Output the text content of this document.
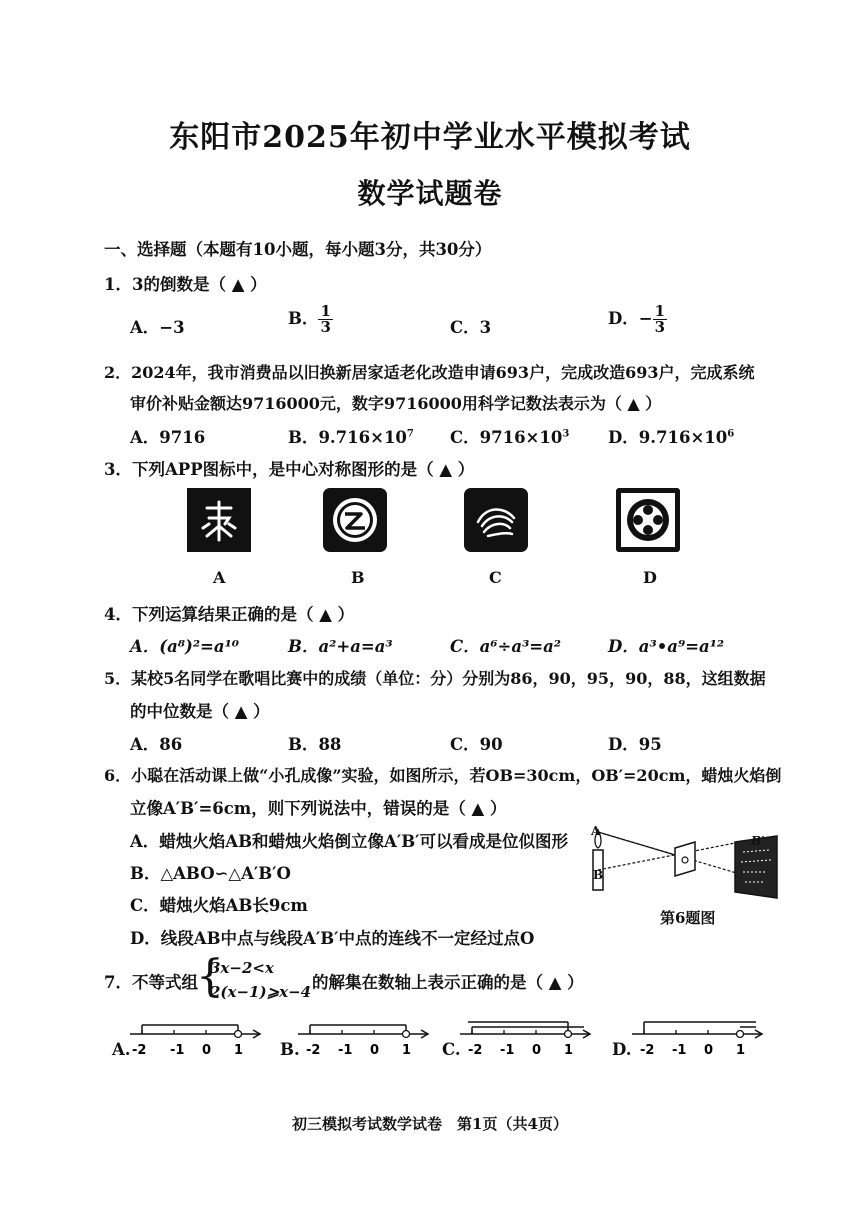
东阳市2025年初中学业水平模拟考试
数学试题卷
一、选择题（本题有10小题，每小题3分，共30分）
1．3的倒数是（ ▲ ）
A．−3	B． $\frac{1}{3}$	C．3	D．− $\frac{1}{3}$
2．2024年，我市消费品以旧换新居家适老化改造申请693户，完成改造693户，完成系统
审价补贴金额达9716000元，数字9716000用科学记数法表示为（ ▲ ）
A．9716	B．$9.716\times 10^7$ C．$9716\times 10^3$ D．$9.716\times 10^6$
3．下列APP图标中，是中心对称图形的是（ ▲ ）
A	B	C	D
4．下列运算结果正确的是（ ▲ ）
A．(a⁸)²=a¹⁰	B．a²+a=a³	C．a⁶÷a³=a²	D．a³•a⁹=a¹²
5．某校5名同学在歌唱比赛中的成绩（单位：分）分别为86，90，95，90，88，这组数据
的中位数是（ ▲ ）
A．86	B．88	C．90	D．95
6．小聪在活动课上做“小孔成像”实验，如图所示，若OB=30cm，OB′=20cm，蜡烛火焰倒
立像A′B′=6cm，则下列说法中，错误的是（ ▲ ）
A．蜡烛火焰AB和蜡烛火焰倒立像A′B′可以看成是位似图形
B．△ABO∽△A′B′O
C．蜡烛火焰AB长9cm
D．线段AB中点与线段A′B′中点的连线不一定经过点O
A
B
B′
第6题图
7．不等式组
{
3x−2<x
2(x−1)⩾x−4 的解集在数轴上表示正确的是（ ▲ ）
-2 -1 0 1	-2 -1 0 1	-2 -1 0 1	-2 -1 0 1
初三模拟考试数学试卷　第1页（共4页）
A.	B.	C.	D.
